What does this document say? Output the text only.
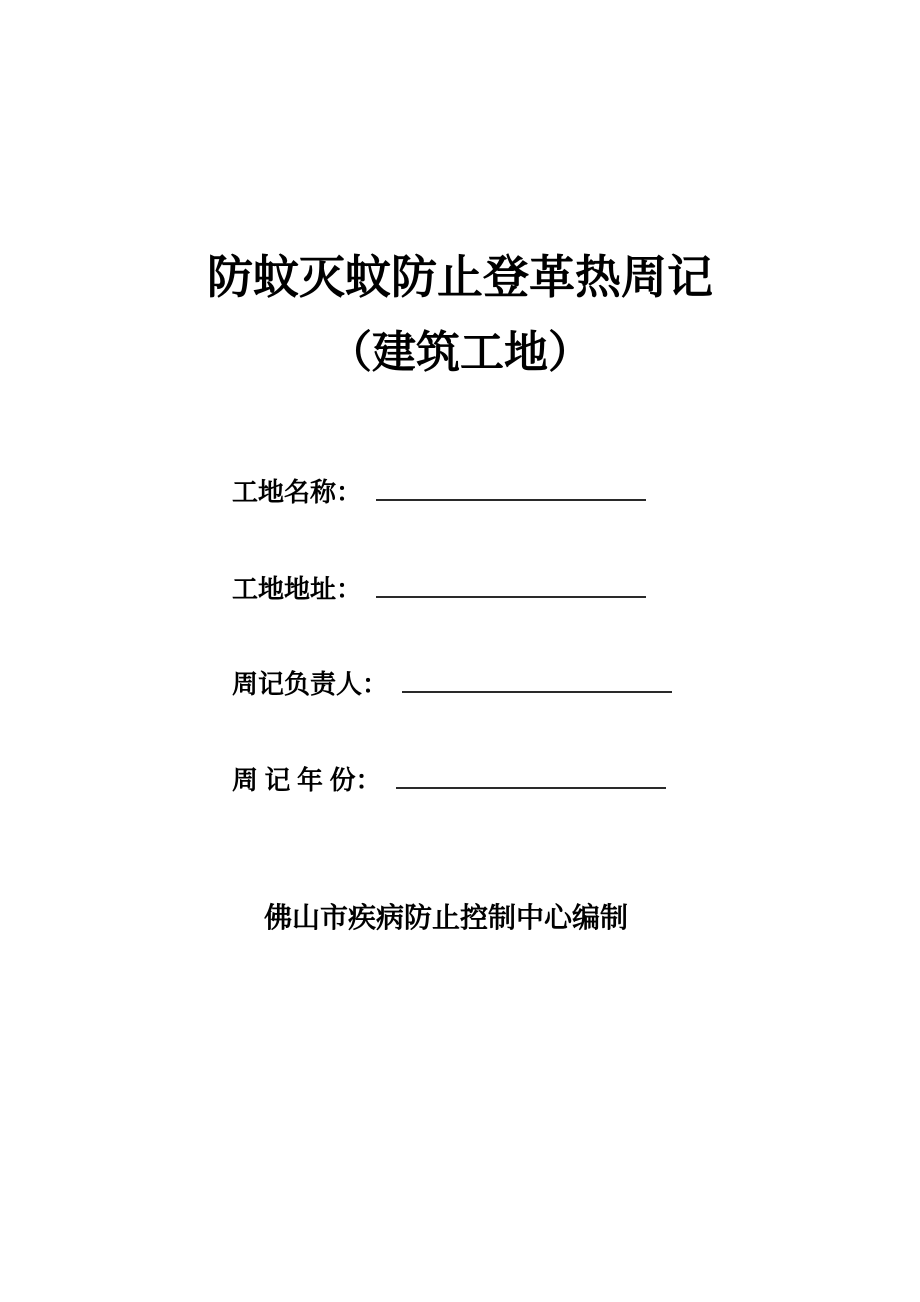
防蚊灭蚊防止登革热周记
（建筑工地）
工地名称：
工地地址：
周记负责人：
周 记 年 份：
佛山市疾病防止控制中心编制
